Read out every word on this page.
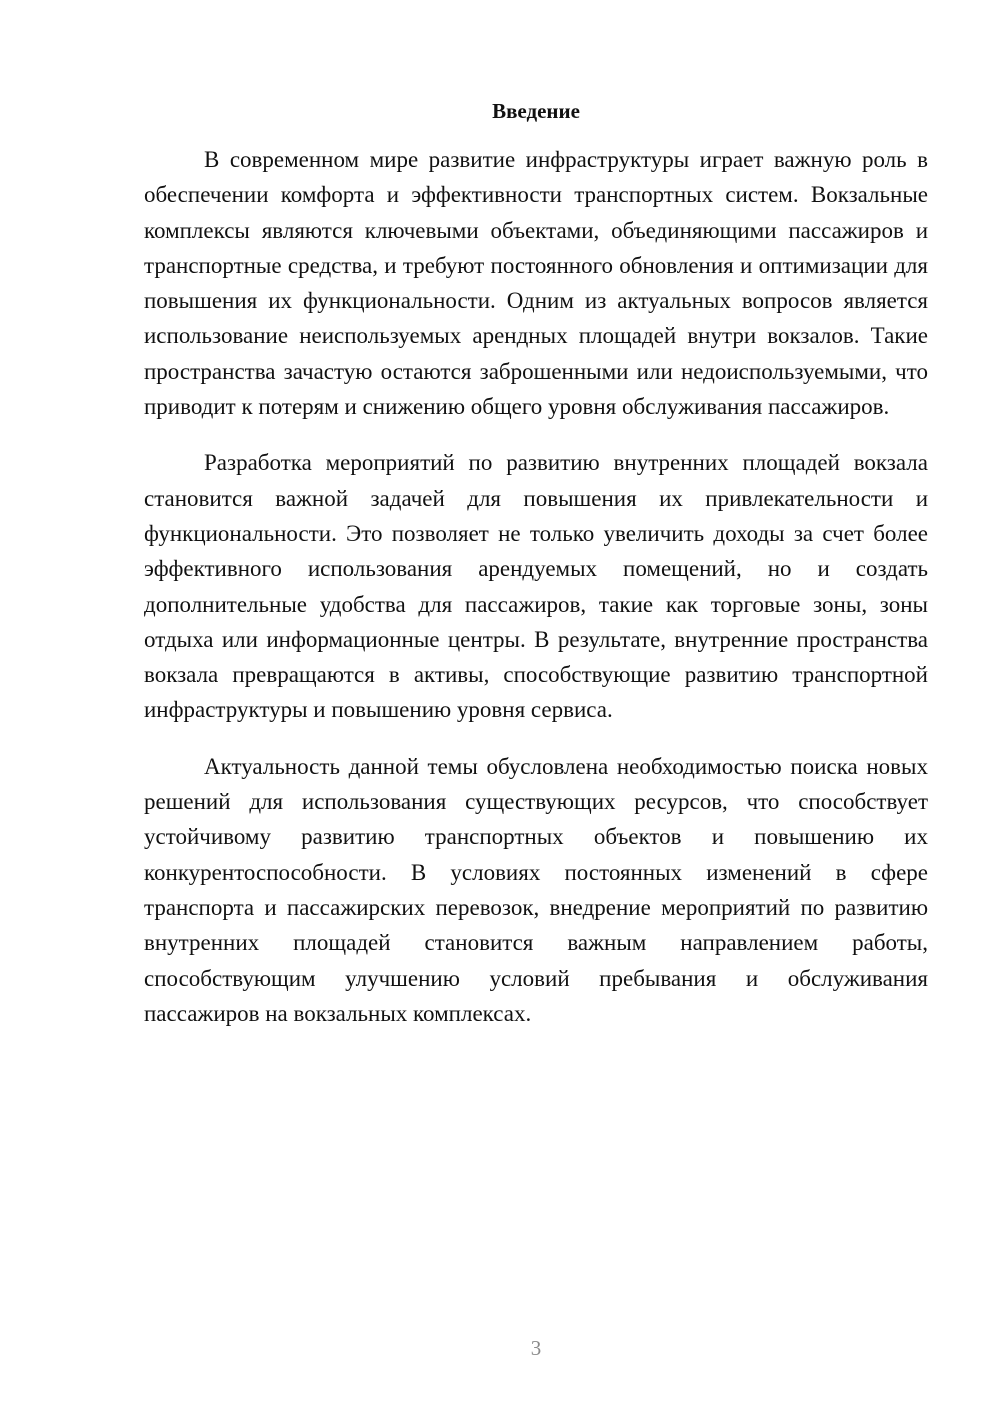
Введение

В современном мире развитие инфраструктуры играет важную роль в обеспечении комфорта и эффективности транспортных систем. Вокзальные комплексы являются ключевыми объектами, объединяющими пассажиров и транспортные средства, и требуют постоянного обновления и оптимизации для повышения их функциональности. Одним из актуальных вопросов является использование неиспользуемых арендных площадей внутри вокзалов. Такие пространства зачастую остаются заброшенными или недоиспользуемыми, что приводит к потерям и снижению общего уровня обслуживания пассажиров.

Разработка мероприятий по развитию внутренних площадей вокзала становится важной задачей для повышения их привлекательности и функциональности. Это позволяет не только увеличить доходы за счет более эффективного использования арендуемых помещений, но и создать дополнительные удобства для пассажиров, такие как торговые зоны, зоны отдыха или информационные центры. В результате, внутренние пространства вокзала превращаются в активы, способствующие развитию транспортной инфраструктуры и повышению уровня сервиса.

Актуальность данной темы обусловлена необходимостью поиска новых решений для использования существующих ресурсов, что способствует устойчивому развитию транспортных объектов и повышению их конкурентоспособности. В условиях постоянных изменений в сфере транспорта и пассажирских перевозок, внедрение мероприятий по развитию внутренних площадей становится важным направлением работы, способствующим улучшению условий пребывания и обслуживания пассажиров на вокзальных комплексах.

3
